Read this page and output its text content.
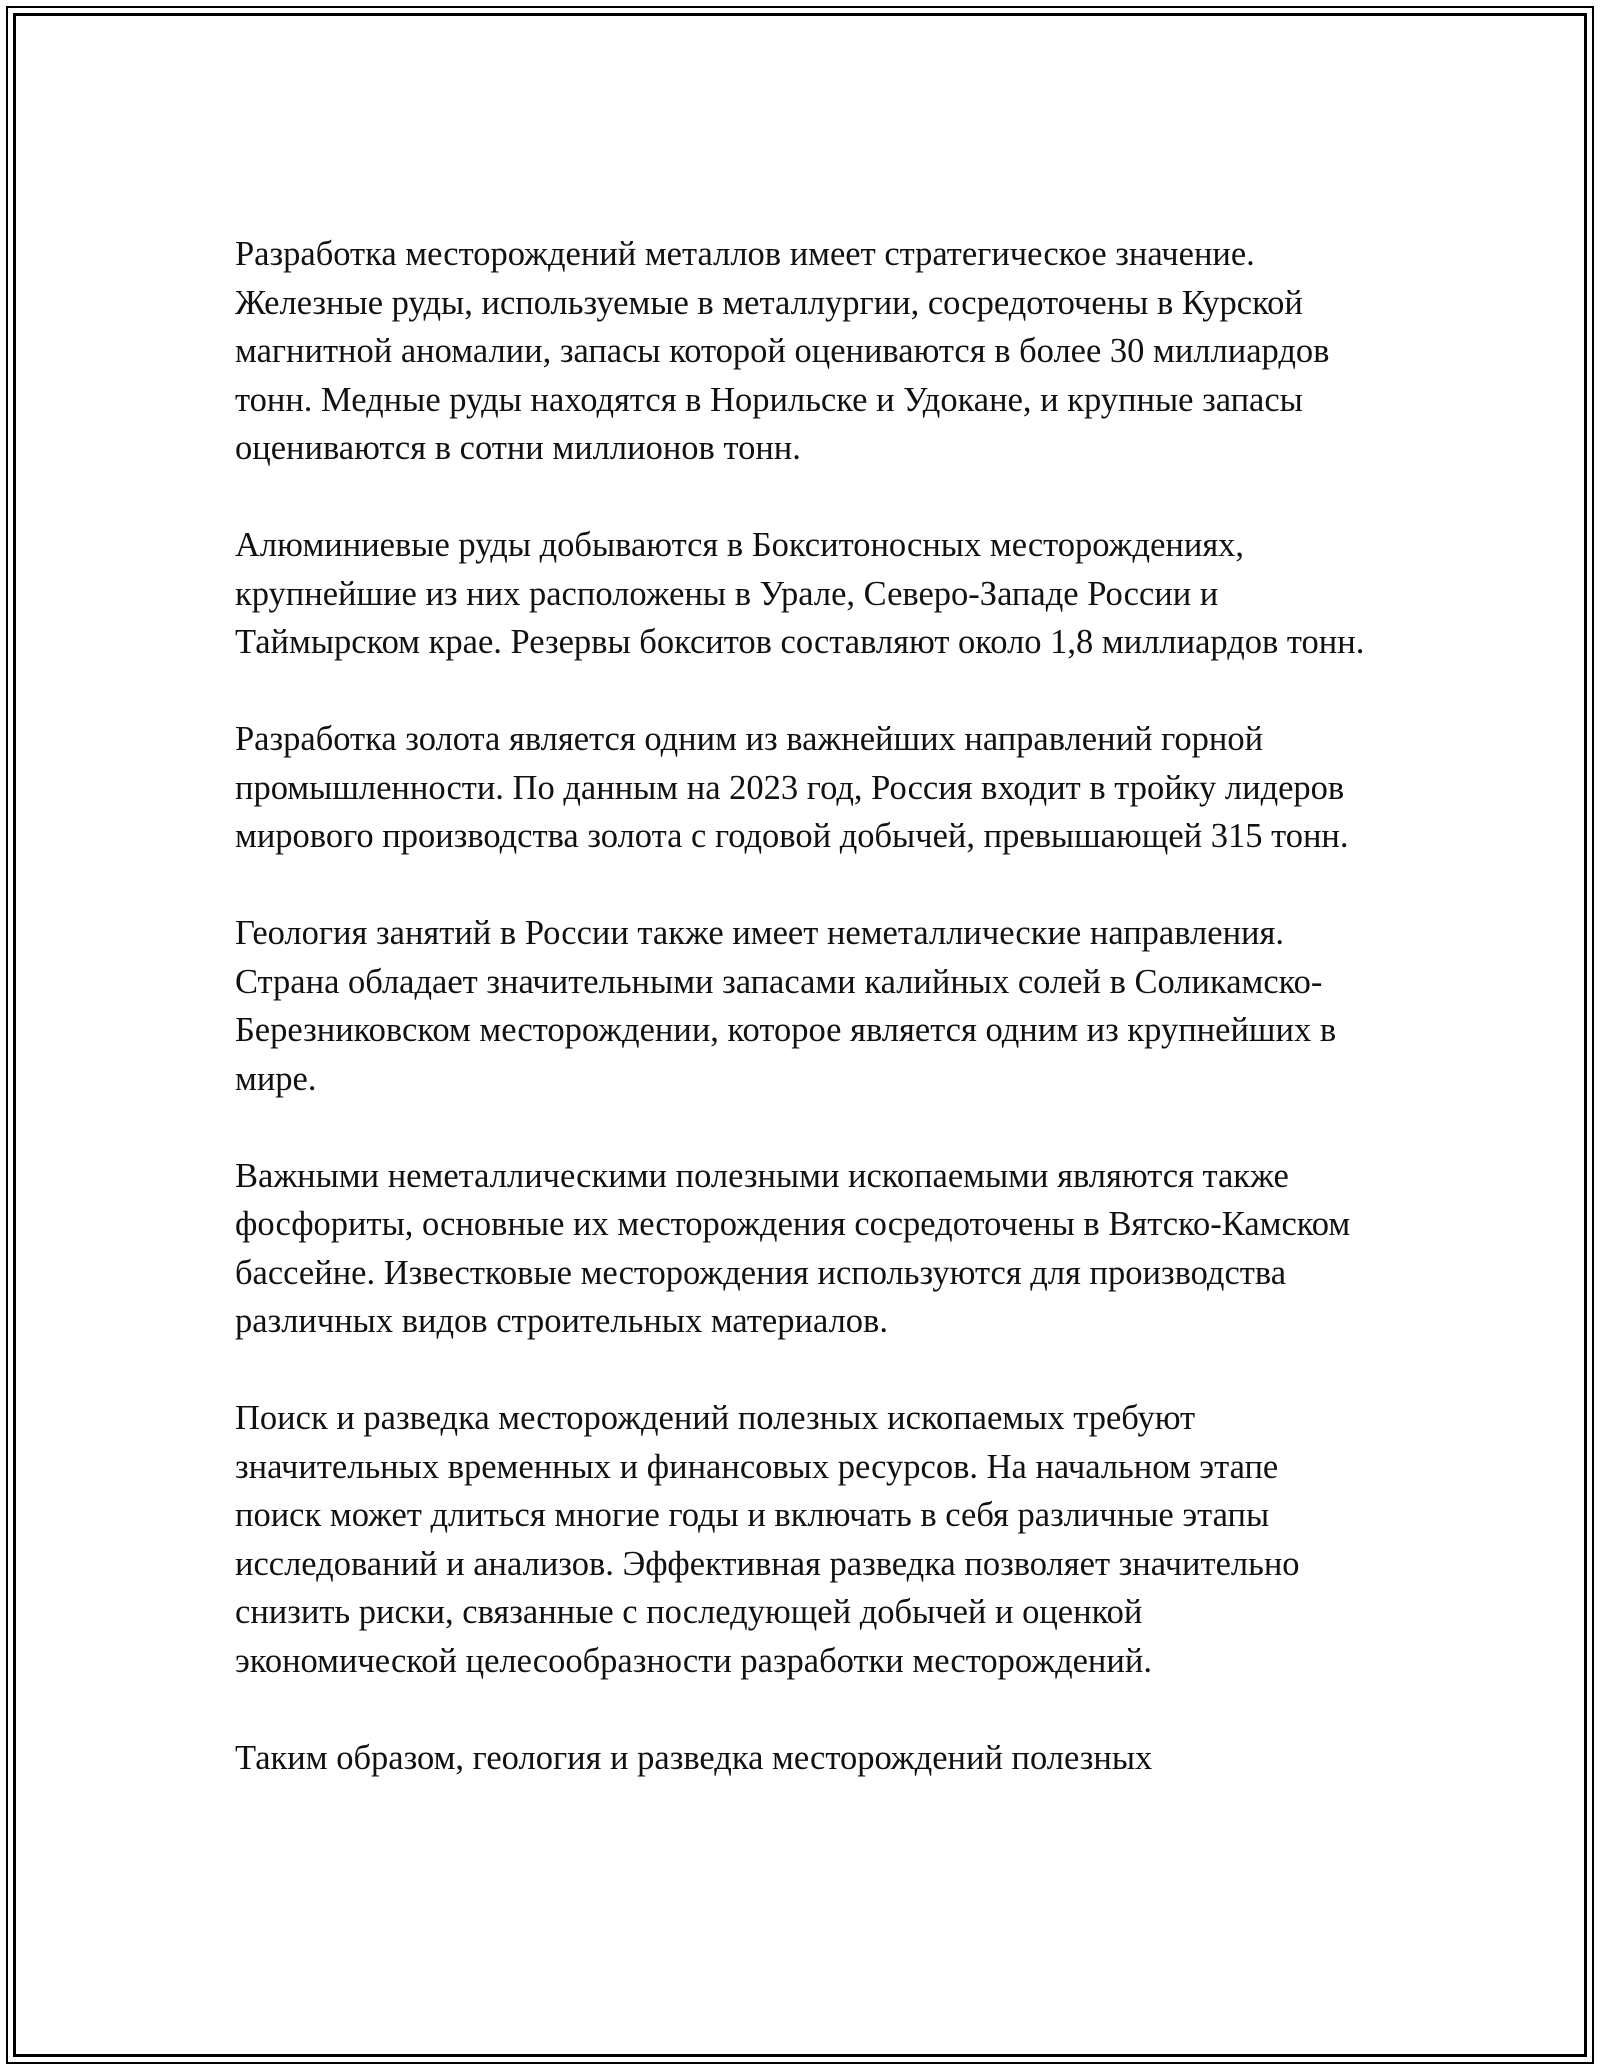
Разработка месторождений металлов имеет стратегическое значение. Железные руды, используемые в металлургии, сосредоточены в Курской магнитной аномалии, запасы которой оцениваются в более 30 миллиардов тонн. Медные руды находятся в Норильске и Удокане, и крупные запасы оцениваются в сотни миллионов тонн.

Алюминиевые руды добываются в Бокситоносных месторождениях, крупнейшие из них расположены в Урале, Северо-Западе России и Таймырском крае. Резервы бокситов составляют около 1,8 миллиардов тонн.

Разработка золота является одним из важнейших направлений горной промышленности. По данным на 2023 год, Россия входит в тройку лидеров мирового производства золота с годовой добычей, превышающей 315 тонн.

Геология занятий в России также имеет неметаллические направления. Страна обладает значительными запасами калийных солей в Соликамско-Березниковском месторождении, которое является одним из крупнейших в мире.

Важными неметаллическими полезными ископаемыми являются также фосфориты, основные их месторождения сосредоточены в Вятско-Камском бассейне. Известковые месторождения используются для производства различных видов строительных материалов.

Поиск и разведка месторождений полезных ископаемых требуют значительных временных и финансовых ресурсов. На начальном этапе поиск может длиться многие годы и включать в себя различные этапы исследований и анализов. Эффективная разведка позволяет значительно снизить риски, связанные с последующей добычей и оценкой экономической целесообразности разработки месторождений.

Таким образом, геология и разведка месторождений полезных
